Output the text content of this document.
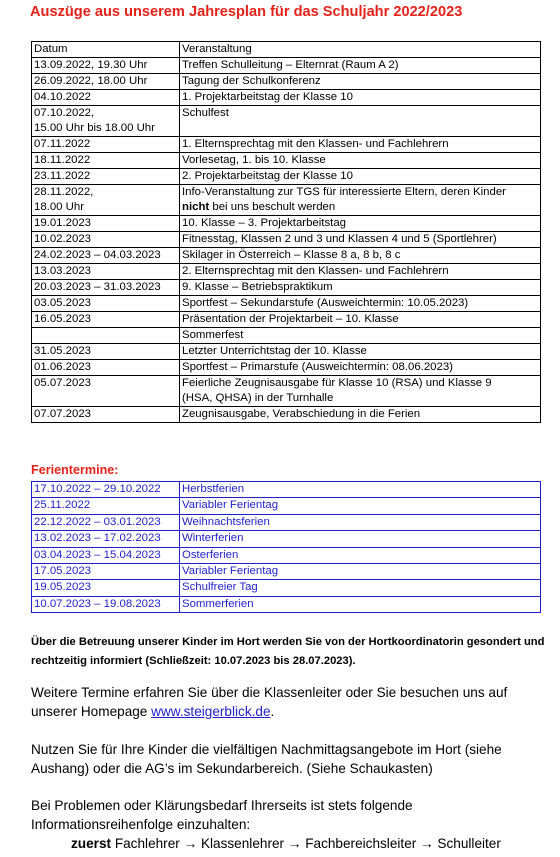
Auszüge aus unserem Jahresplan für das Schuljahr 2022/2023
Datum	Veranstaltung
13.09.2022, 19.30 Uhr	Treffen Schulleitung – Elternrat (Raum A 2)
26.09.2022, 18.00 Uhr	Tagung der Schulkonferenz
04.10.2022	1. Projektarbeitstag der Klasse 10
07.10.2022,
15.00 Uhr bis 18.00 Uhr	Schulfest
07.11.2022	1. Elternsprechtag mit den Klassen- und Fachlehrern
18.11.2022	Vorlesetag, 1. bis 10. Klasse
23.11.2022	2. Projektarbeitstag der Klasse 10
28.11.2022,
18.00 Uhr	Info-Veranstaltung zur TGS für interessierte Eltern, deren Kinder
nicht bei uns beschult werden
19.01.2023	10. Klasse – 3. Projektarbeitstag
10.02.2023	Fitnesstag, Klassen 2 und 3 und Klassen 4 und 5 (Sportlehrer)
24.02.2023 – 04.03.2023	Skilager in Österreich – Klasse 8 a, 8 b, 8 c
13.03.2023	2. Elternsprechtag mit den Klassen- und Fachlehrern
20.03.2023 – 31.03.2023	9. Klasse – Betriebspraktikum
03.05.2023	Sportfest – Sekundarstufe (Ausweichtermin: 10.05.2023)
16.05.2023	Präsentation der Projektarbeit – 10. Klasse
	Sommerfest
31.05.2023	Letzter Unterrichtstag der 10. Klasse
01.06.2023	Sportfest – Primarstufe (Ausweichtermin: 08.06.2023)
05.07.2023	Feierliche Zeugnisausgabe für Klasse 10 (RSA) und Klasse 9
(HSA, QHSA) in der Turnhalle
07.07.2023	Zeugnisausgabe, Verabschiedung in die Ferien
Ferientermine:
17.10.2022 – 29.10.2022	Herbstferien
25.11.2022	Variabler Ferientag
22.12.2022 – 03.01.2023	Weihnachtsferien
13.02.2023 – 17.02.2023	Winterferien
03.04.2023 – 15.04.2023	Osterferien
17.05.2023	Variabler Ferientag
19.05.2023	Schulfreier Tag
10.07.2023 – 19.08.2023	Sommerferien
Über die Betreuung unserer Kinder im Hort werden Sie von der Hortkoordinatorin gesondert und rechtzeitig informiert (Schließzeit: 10.07.2023 bis 28.07.2023).
Weitere Termine erfahren Sie über die Klassenleiter oder Sie besuchen uns auf unserer Homepage www.steigerblick.de.
Nutzen Sie für Ihre Kinder die vielfältigen Nachmittagsangebote im Hort (siehe Aushang) oder die AG’s im Sekundarbereich. (Siehe Schaukasten)
Bei Problemen oder Klärungsbedarf Ihrerseits ist stets folgende Informationsreihenfolge einzuhalten:
zuerst Fachlehrer → Klassenlehrer → Fachbereichsleiter → Schulleiter
